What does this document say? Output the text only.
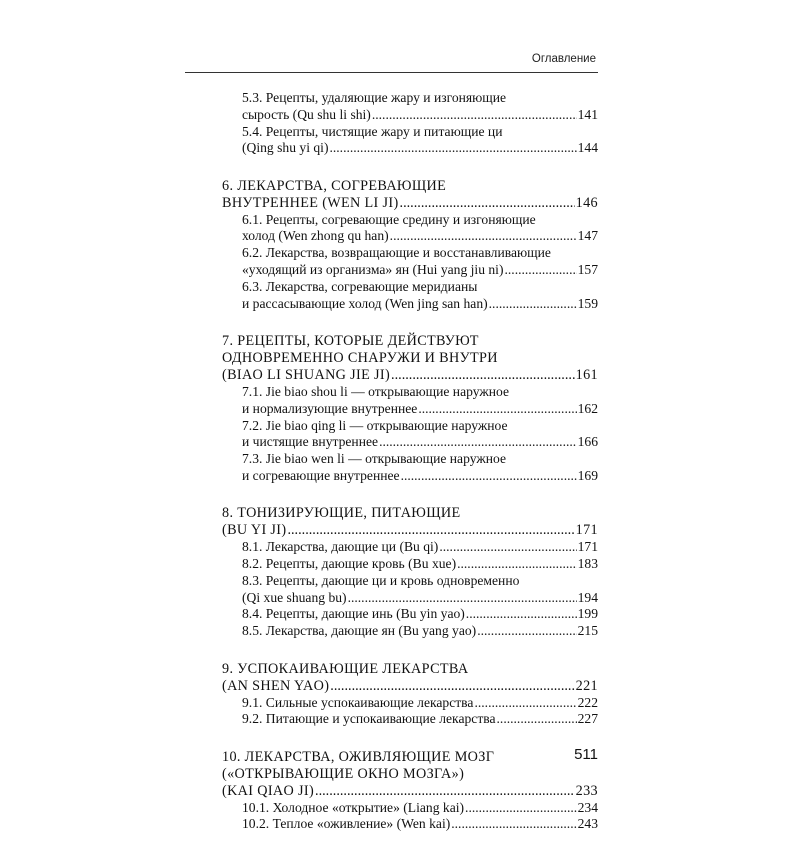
Оглавление
5.3. Рецепты, удаляющие жару и изгоняющие
сырость (Qu shu li shi) .....	141
5.4. Рецепты, чистящие жару и питающие ци
(Qing shu yi qi) .....	144
6. ЛЕКАРСТВА, СОГРЕВАЮЩИЕ
ВНУТРЕННЕЕ (WEN LI JI) .....	146
6.1. Рецепты, согревающие средину и изгоняющие
холод (Wen zhong qu han) .....	147
6.2. Лекарства, возвращающие и восстанавливающие
«уходящий из организма» ян (Hui yang jiu ni) .....	157
6.3. Лекарства, согревающие меридианы
и рассасывающие холод (Wen jing san han) .....	159
7. РЕЦЕПТЫ, КОТОРЫЕ ДЕЙСТВУЮТ
ОДНОВРЕМЕННО СНАРУЖИ И ВНУТРИ
(BIAO LI SHUANG JIE JI) .....	161
7.1. Jie biao shou li — открывающие наружное
и нормализующие внутреннее .....	162
7.2. Jie biao qing li — открывающие наружное
и чистящие внутреннее .....	166
7.3. Jie biao wen li — открывающие наружное
и согревающие внутреннее .....	169
8. ТОНИЗИРУЮЩИЕ, ПИТАЮЩИЕ
(BU YI JI) .....	171
8.1. Лекарства, дающие ци (Bu qi) .....	171
8.2. Рецепты, дающие кровь (Bu xue) .....	183
8.3. Рецепты, дающие ци и кровь одновременно
(Qi xue shuang bu) .....	194
8.4. Рецепты, дающие инь (Bu yin yao) .....	199
8.5. Лекарства, дающие ян (Bu yang yao) .....	215
9. УСПОКАИВАЮЩИЕ ЛЕКАРСТВА
(AN SHEN YAO) .....	221
9.1. Сильные успокаивающие лекарства .....	222
9.2. Питающие и успокаивающие лекарства .....	227
10. ЛЕКАРСТВА, ОЖИВЛЯЮЩИЕ МОЗГ
(«ОТКРЫВАЮЩИЕ ОКНО МОЗГА»)
(KAI QIAO JI) .....	233
10.1. Холодное «открытие» (Liang kai) .....	234
10.2. Теплое «оживление» (Wen kai) .....	243
511
